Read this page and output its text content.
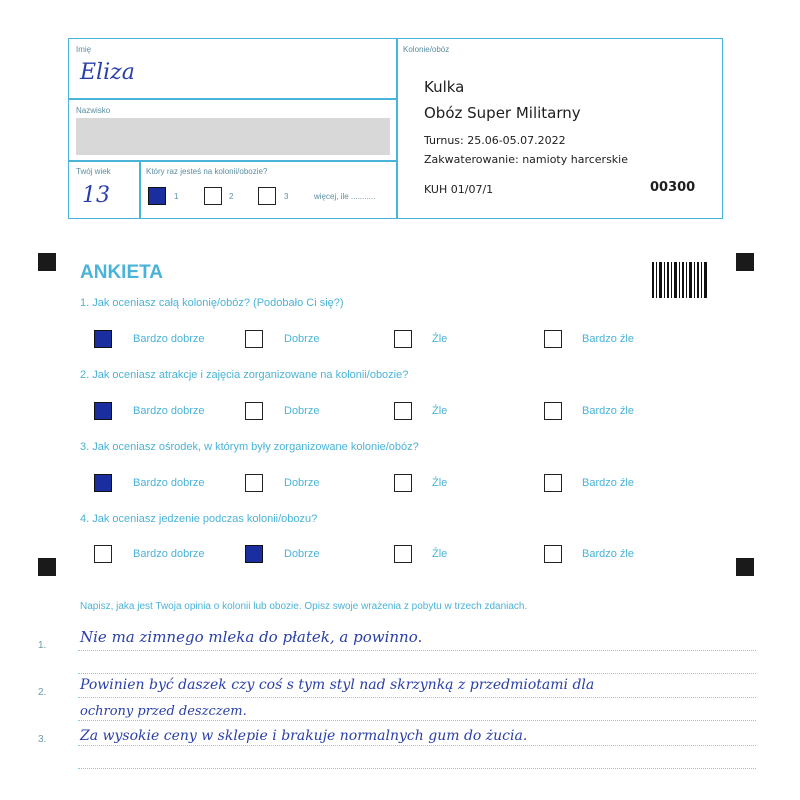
Imię
Eliza
Nazwisko
Twój wiek
13
Który raz jesteś na kolonii/obozie?
1	2	3	więcej, ile ...........
Kolonie/obóz
Kulka
Obóz Super Militarny
Turnus: 25.06-05.07.2022
Zakwaterowanie: namioty harcerskie
KUH 01/07/1	00300
ANKIETA
1. Jak oceniasz całą kolonię/obóz? (Podobało Ci się?)
Bardzo dobrze	Dobrze	Źle	Bardzo źle
2. Jak oceniasz atrakcje i zajęcia zorganizowane na kolonii/obozie?
Bardzo dobrze	Dobrze	Źle	Bardzo źle
3. Jak oceniasz ośrodek, w którym były zorganizowane kolonie/obóz?
Bardzo dobrze	Dobrze	Źle	Bardzo źle
4. Jak oceniasz jedzenie podczas kolonii/obozu?
Bardzo dobrze	Dobrze	Źle	Bardzo źle
Napisz, jaka jest Twoja opinia o kolonii lub obozie. Opisz swoje wrażenia z pobytu w trzech zdaniach.
1. Nie ma zimnego mleka do płatek, a powinno.
2. Powinien być daszek czy coś s tym styl nad skrzynką z przedmiotami dla
ochrony przed deszczem.
3. Za wysokie ceny w sklepie i brakuje normalnych gum do żucia.
